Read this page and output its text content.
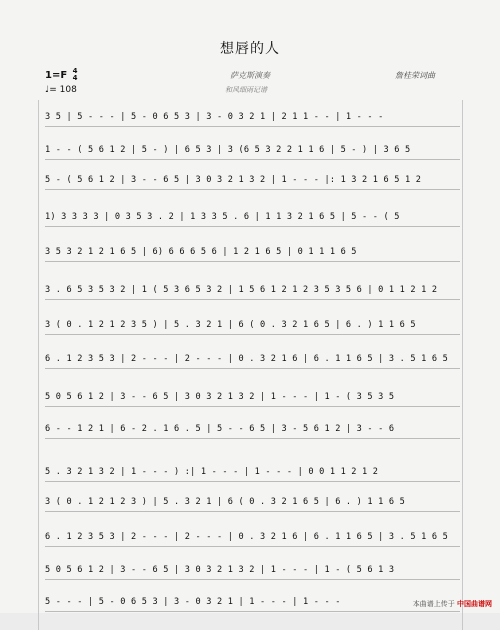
想唇的人
1=F 4
4
♩= 108
萨克斯演奏
和风细雨记谱
詹桂荣词曲
3 5 | 5 - - - | 5 - 0 6 5 3 | 3 - 0 3 2 1 | 2 1 1 - - | 1 - - -
1 - - ( 5 6 1 2 | 5 - ) | 6 5 3 | 3 (6 5 3 2 2 1 1 6 | 5 - ) | 3 6 5
5 - ( 5 6 1 2 | 3 - - 6 5 | 3 0 3 2 1 3 2 | 1 - - - |: 1 3 2 1 6 5 1 2
1) 3 3 3 3 | 0 3 5 3 . 2 | 1 3 3 5 . 6 | 1 1 3 2 1 6 5 | 5 - - ( 5
3 5 3 2 1 2 1 6 5 | 6) 6 6 6 5 6 | 1 2 1 6 5 | 0 1 1 1 6 5
3 . 6 5 3 5 3 2 | 1 ( 5 3 6 5 3 2 | 1 5 6 1 2 1 2 3 5 3 5 6 | 0 1 1 2 1 2
3 ( 0 . 1 2 1 2 3 5 ) | 5 . 3 2 1 | 6 ( 0 . 3 2 1 6 5 | 6 . ) 1 1 6 5
6 . 1 2 3 5 3 | 2 - - - | 2 - - - | 0 . 3 2 1 6 | 6 . 1 1 6 5 | 3 . 5 1 6 5
5 0 5 6 1 2 | 3 - - 6 5 | 3 0 3 2 1 3 2 | 1 - - - | 1 - ( 3 5 3 5
6 - - 1 2 1 | 6 - 2 . 1 6 . 5 | 5 - - 6 5 | 3 - 5 6 1 2 | 3 - - 6
5 . 3 2 1 3 2 | 1 - - - ) :| 1 - - - | 1 - - - | 0 0 1 1 2 1 2
3 ( 0 . 1 2 1 2 3 ) | 5 . 3 2 1 | 6 ( 0 . 3 2 1 6 5 | 6 . ) 1 1 6 5
6 . 1 2 3 5 3 | 2 - - - | 2 - - - | 0 . 3 2 1 6 | 6 . 1 1 6 5 | 3 . 5 1 6 5
5 0 5 6 1 2 | 3 - - 6 5 | 3 0 3 2 1 3 2 | 1 - - - | 1 - ( 5 6 1 3
5 - - - | 5 - 0 6 5 3 | 3 - 0 3 2 1 | 1 - - - | 1 - - -	本曲谱上传于 中国曲谱网
